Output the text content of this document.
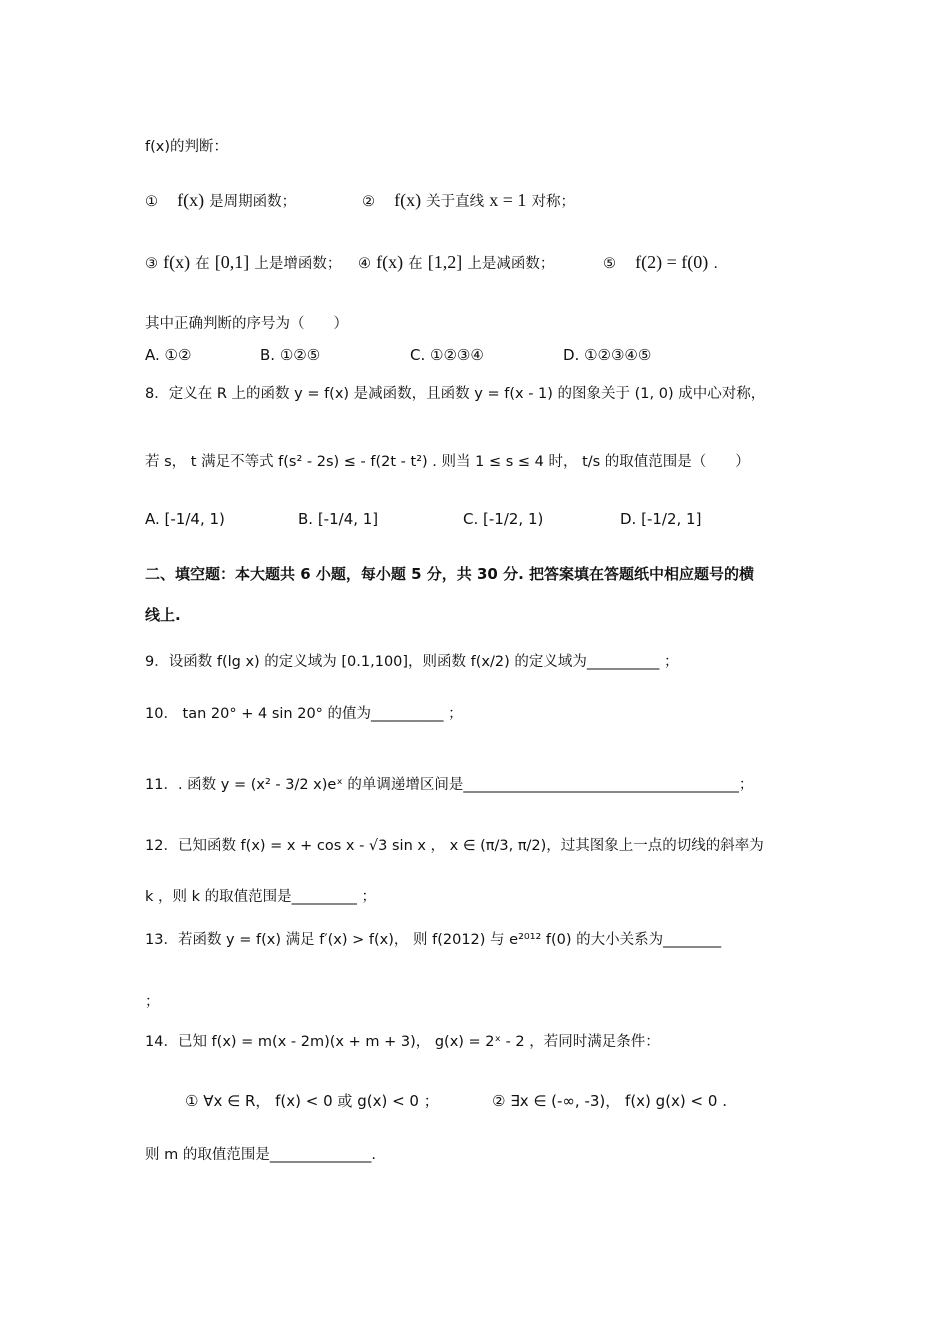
f(x)的判断：
① f(x) 是周期函数；	② f(x) 关于直线 x = 1 对称；
③ f(x) 在 [0,1] 上是增函数； ④ f(x) 在 [1,2] 上是减函数；	⑤ f(2) = f(0) .
其中正确判断的序号为（　　）
A. ①②	B. ①②⑤	C. ①②③④	D. ①②③④⑤
8．定义在 R 上的函数 y = f(x) 是减函数，且函数 y = f(x - 1) 的图象关于 (1, 0) 成中心对称，
若 s， t 满足不等式 f(s² - 2s) ≤ - f(2t - t²) . 则当 1 ≤ s ≤ 4 时， t/s 的取值范围是（　　）
A. [-1/4, 1)	B. [-1/4, 1]	C. [-1/2, 1)	D. [-1/2, 1]
二、填空题：本大题共 6 小题，每小题 5 分，共 30 分. 把答案填在答题纸中相应题号的横
线上.
9．设函数 f(lg x) 的定义域为 [0.1,100]，则函数 f(x/2) 的定义域为__________ ；
10． tan 20° + 4 sin 20° 的值为__________ ；
11．. 函数 y = (x² - 3/2 x)eˣ 的单调递增区间是______________________________________；
12．已知函数 f(x) = x + cos x - √3 sin x ， x ∈ (π/3, π/2)，过其图象上一点的切线的斜率为
k ，则 k 的取值范围是_________ ；
13．若函数 y = f(x) 满足 f′(x) > f(x)， 则 f(2012) 与 e²⁰¹² f(0) 的大小关系为________
；
14．已知 f(x) = m(x - 2m)(x + m + 3)， g(x) = 2ˣ - 2 ，若同时满足条件：
① ∀x ∈ R， f(x) < 0 或 g(x) < 0 ；	② ∃x ∈ (-∞, -3)， f(x) g(x) < 0 .
则 m 的取值范围是______________.
